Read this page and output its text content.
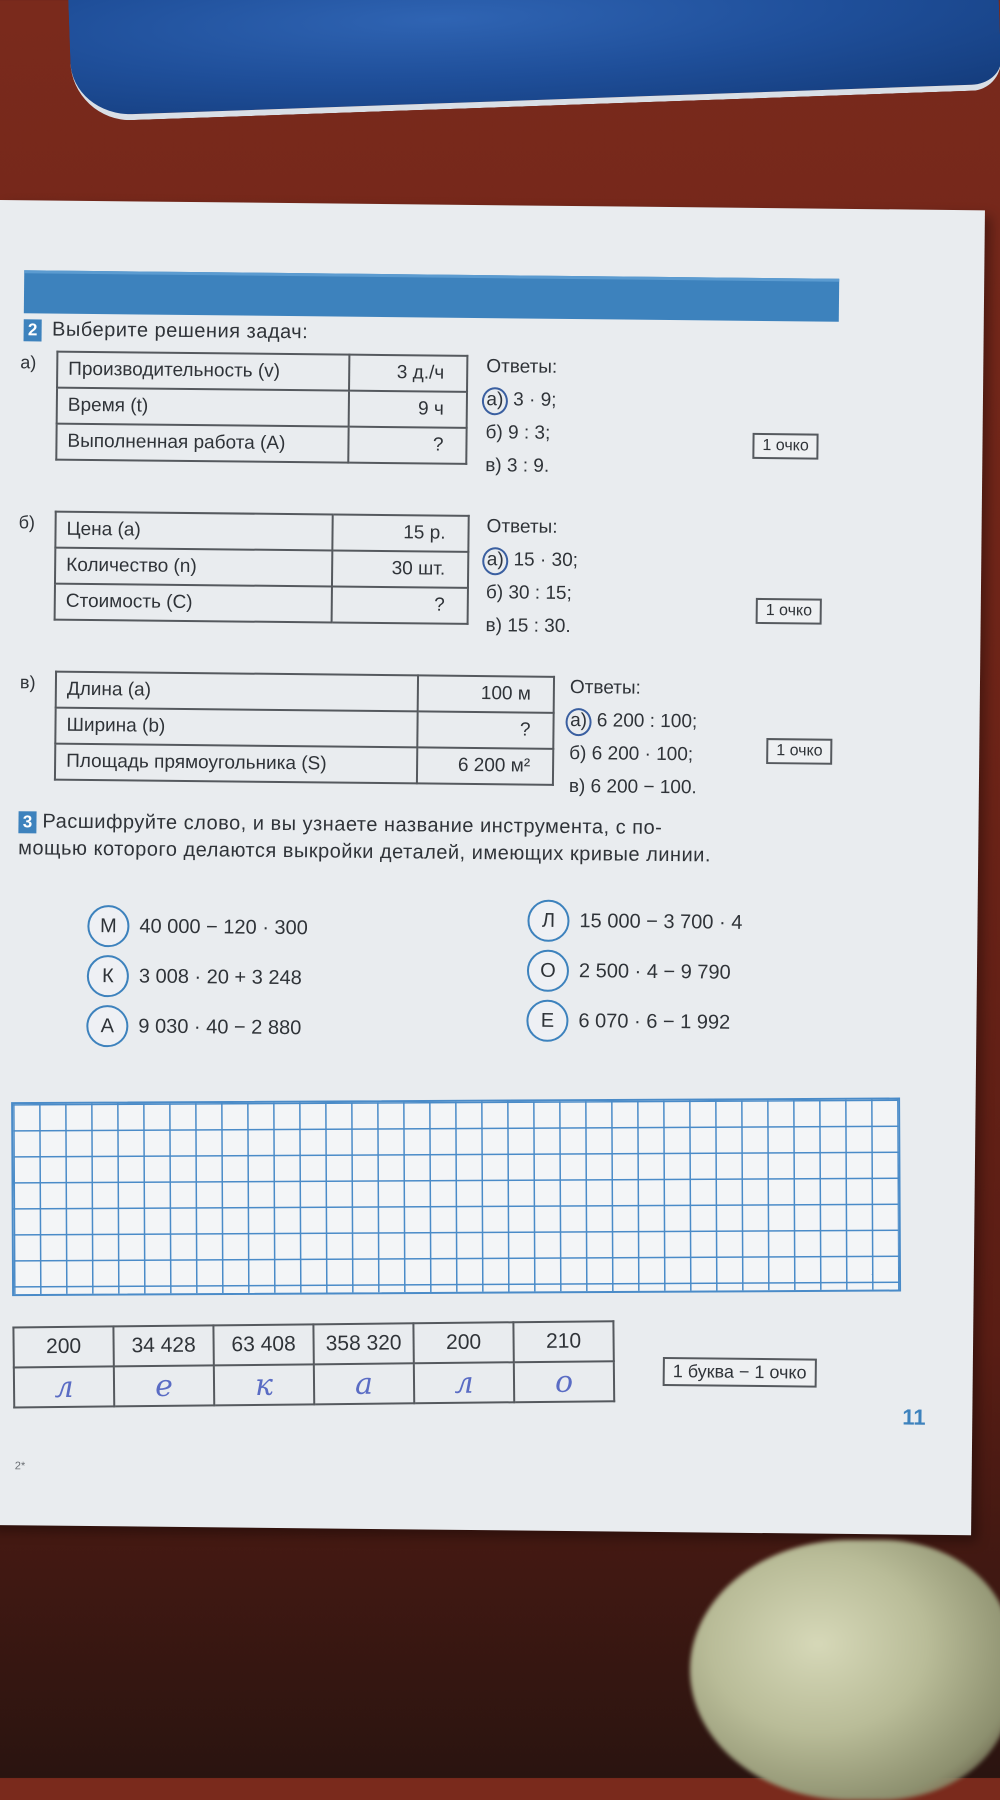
2 Выберите решения задач:
а) Производительность (v)	3 д./ч
Время (t)	9 ч
Выполненная работа (A)	?
Ответы:
а) 3 · 9;
б) 9 : 3;
в) 3 : 9.
1 очко
б) Цена (a)	15 р.
Количество (n)	30 шт.
Стоимость (C)	?
Ответы:
а) 15 · 30;
б) 30 : 15;
в) 15 : 30.
1 очко
в) Длина (a)	100 м
Ширина (b)	?
Площадь прямоугольника (S)	6 200 м²
Ответы:
а) 6 200 : 100;
б) 6 200 · 100;
в) 6 200 − 100.
1 очко
3 Расшифруйте слово, и вы узнаете название инструмента, с по-
мощью которого делаются выкройки деталей, имеющих кривые линии.
М	40 000 − 120 · 300
К	3 008 · 20 + 3 248
А	9 030 · 40 − 2 880
Л	15 000 − 3 700 · 4
О	2 500 · 4 − 9 790
Е	6 070 · 6 − 1 992
200	34 428	63 408	358 320	200	210
л	е	к	а	л	о	1 буква − 1 очко
11
2*
